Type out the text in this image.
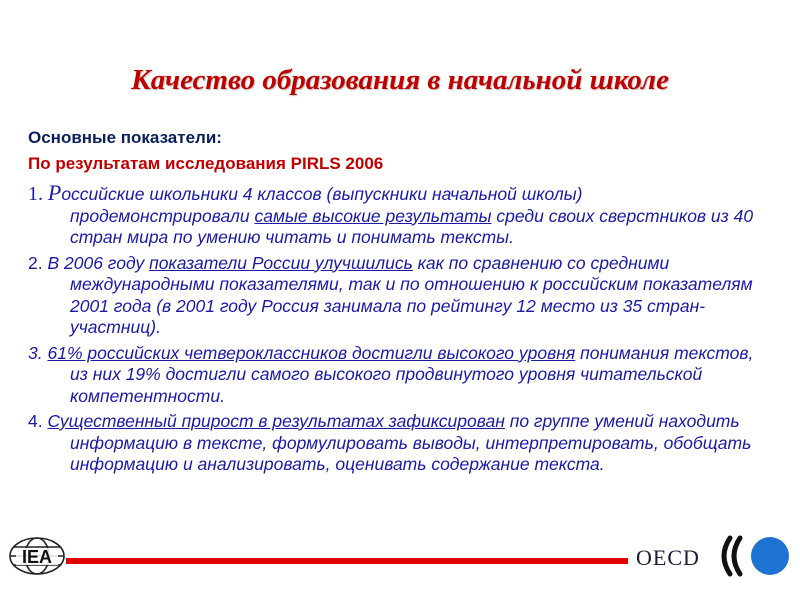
Качество образования в начальной школе
Основные показатели:
По результатам исследования PIRLS 2006

1. Российские школьники 4 классов (выпускники начальной школы) продемонстрировали самые высокие результаты среди своих сверстников из 40 стран мира по умению читать и понимать тексты.

2. В 2006 году показатели России улучшились как по сравнению со средними международными показателями, так и по отношению к российским показателям 2001 года (в 2001 году Россия занимала по рейтингу 12 место из 35 стран-участниц).

3. 61% российских четвероклассников достигли высокого уровня понимания текстов, из них 19% достигли самого высокого продвинутого уровня читательской компетентности.

4. Существенный прирост в результатах зафиксирован по группе умений находить информацию в тексте, формулировать выводы, интерпретировать, обобщать информацию и анализировать, оценивать содержание текста.

IEA	OECD
